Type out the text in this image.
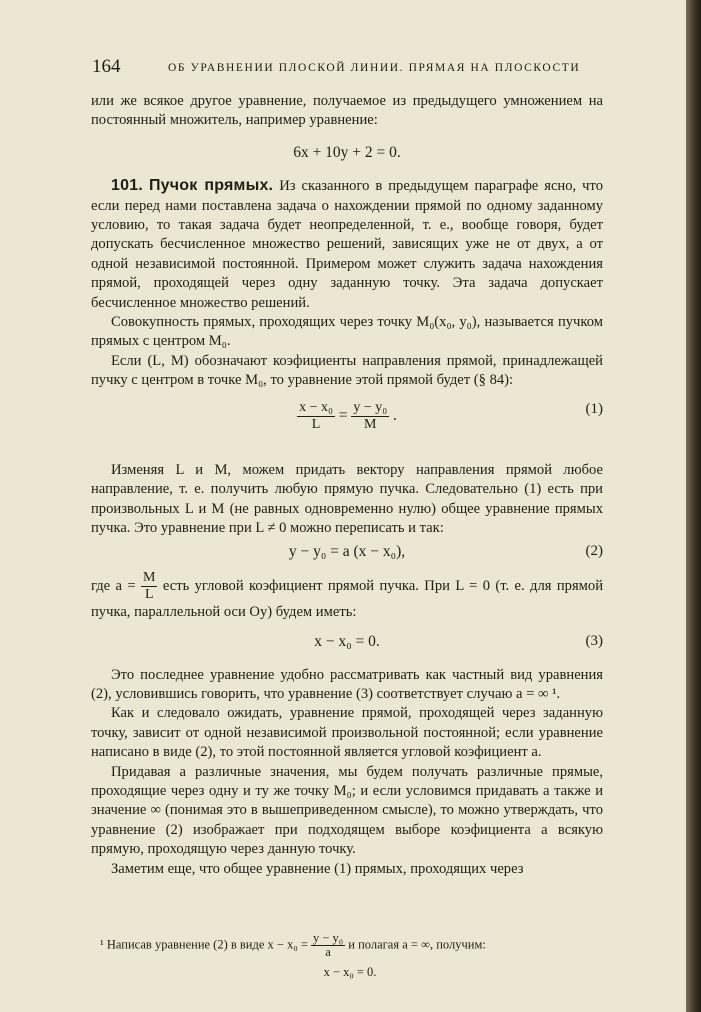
164	ОБ УРАВНЕНИИ ПЛОСКОЙ ЛИНИИ. ПРЯМАЯ НА ПЛОСКОСТИ

или же всякое другое уравнение, получаемое из предыдущего умножением на постоянный множитель, например уравнение:

6x + 10y + 2 = 0.

101. Пучок прямых. Из сказанного в предыдущем параграфе ясно, что если перед нами поставлена задача о нахождении прямой по одному заданному условию, то такая задача будет неопределенной, т. е., вообще говоря, будет допускать бесчисленное множество решений, зависящих уже не от двух, а от одной независимой постоянной. Примером может служить задача нахождения прямой, проходящей через одну заданную точку. Эта задача допускает бесчисленное множество решений.

Совокупность прямых, проходящих через точку M₀(x₀, y₀), называется пучком прямых с центром M₀.

Если (L, M) обозначают коэфициенты направления прямой, принадлежащей пучку с центром в точке M₀, то уравнение этой прямой будет (§ 84):

$\frac{\text{x − x₀}}{L} = \frac{\text{y − y₀}}{M}$ .	(1)

Изменяя L и M, можем придать вектору направления прямой любое направление, т. е. получить любую прямую пучка. Следовательно (1) есть при произвольных L и M (не равных одновременно нулю) общее уравнение прямых пучка. Это уравнение при L ≠ 0 можно переписать и так:

y − y₀ = a (x − x₀),	(2)

где $a = \frac{M}{L}$ есть угловой коэфициент прямой пучка. При L = 0 (т. е. для прямой пучка, параллельной оси Oy) будем иметь:

x − x₀ = 0.	(3)

Это последнее уравнение удобно рассматривать как частный вид уравнения (2), условившись говорить, что уравнение (3) соответствует случаю a = ∞ ¹.

Как и следовало ожидать, уравнение прямой, проходящей через заданную точку, зависит от одной независимой произвольной постоянной; если уравнение написано в виде (2), то этой постоянной является угловой коэфициент a.

Придавая a различные значения, мы будем получать различные прямые, проходящие через одну и ту же точку M₀; и если условимся придавать a также и значение ∞ (понимая это в вышеприведенном смысле), то можно утверждать, что уравнение (2) изображает при подходящем выборе коэфициента a всякую прямую, проходящую через данную точку.

Заметим еще, что общее уравнение (1) прямых, проходящих через

¹ Написав уравнение (2) в виде $x - x_0 = \frac{\text{y − y₀}}{a}$ и полагая a = ∞, получим:
x − x₀ = 0.
